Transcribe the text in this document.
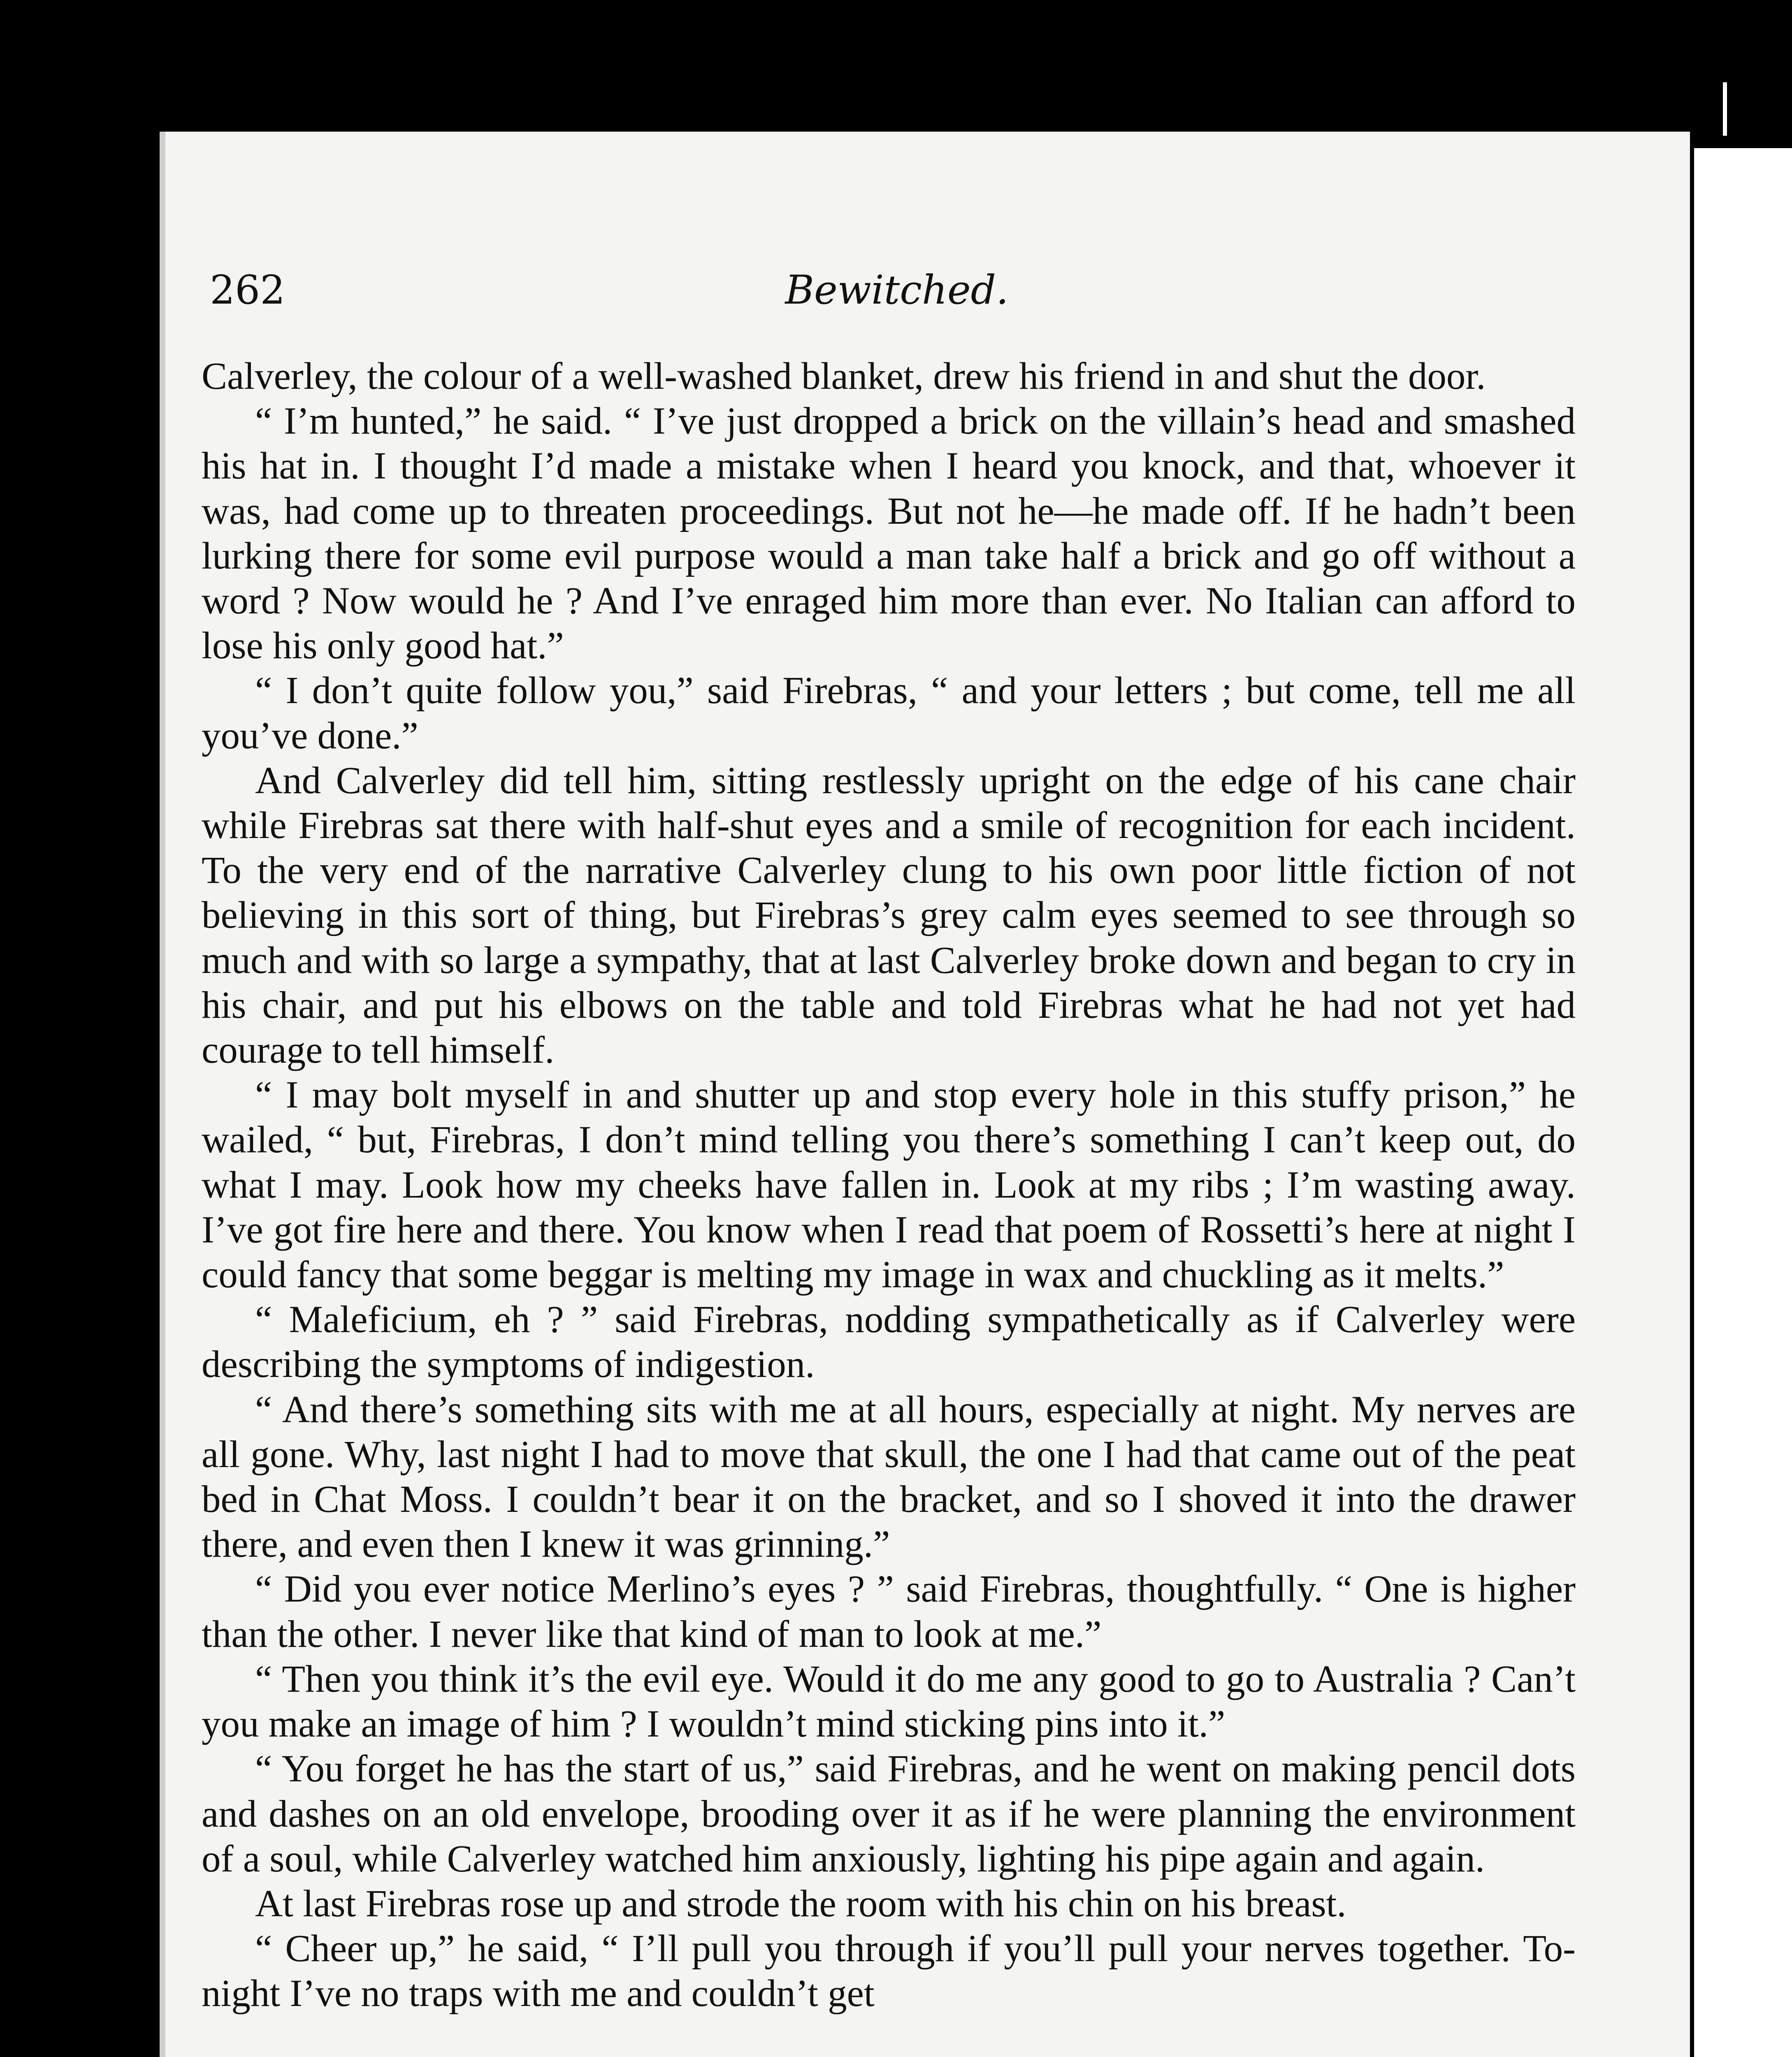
262	Bewitched.

Calverley, the colour of a well-washed blanket, drew his friend in and shut the door.

“ I’m hunted,” he said. “ I’ve just dropped a brick on the villain’s head and smashed his hat in. I thought I’d made a mistake when I heard you knock, and that, whoever it was, had come up to threaten proceedings. But not he—he made off. If he hadn’t been lurking there for some evil purpose would a man take half a brick and go off without a word ? Now would he ? And I’ve enraged him more than ever. No Italian can afford to lose his only good hat.”

“ I don’t quite follow you,” said Firebras, “ and your letters ; but come, tell me all you’ve done.”

And Calverley did tell him, sitting restlessly upright on the edge of his cane chair while Firebras sat there with half-shut eyes and a smile of recognition for each incident. To the very end of the narrative Calverley clung to his own poor little fiction of not believing in this sort of thing, but Firebras’s grey calm eyes seemed to see through so much and with so large a sympathy, that at last Calverley broke down and began to cry in his chair, and put his elbows on the table and told Firebras what he had not yet had courage to tell himself.

“ I may bolt myself in and shutter up and stop every hole in this stuffy prison,” he wailed, “ but, Firebras, I don’t mind telling you there’s something I can’t keep out, do what I may. Look how my cheeks have fallen in. Look at my ribs ; I’m wasting away. I’ve got fire here and there. You know when I read that poem of Rossetti’s here at night I could fancy that some beggar is melting my image in wax and chuckling as it melts.”

“ Maleficium, eh ? ” said Firebras, nodding sympathetically as if Calverley were describing the symptoms of indigestion.

“ And there’s something sits with me at all hours, especially at night. My nerves are all gone. Why, last night I had to move that skull, the one I had that came out of the peat bed in Chat Moss. I couldn’t bear it on the bracket, and so I shoved it into the drawer there, and even then I knew it was grinning.”

“ Did you ever notice Merlino’s eyes ? ” said Firebras, thoughtfully. “ One is higher than the other. I never like that kind of man to look at me.”

“ Then you think it’s the evil eye. Would it do me any good to go to Australia ? Can’t you make an image of him ? I wouldn’t mind sticking pins into it.”

“ You forget he has the start of us,” said Firebras, and he went on making pencil dots and dashes on an old envelope, brooding over it as if he were planning the environment of a soul, while Calverley watched him anxiously, lighting his pipe again and again.

At last Firebras rose up and strode the room with his chin on his breast.

“ Cheer up,” he said, “ I’ll pull you through if you’ll pull your nerves together. To-night I’ve no traps with me and couldn’t get
